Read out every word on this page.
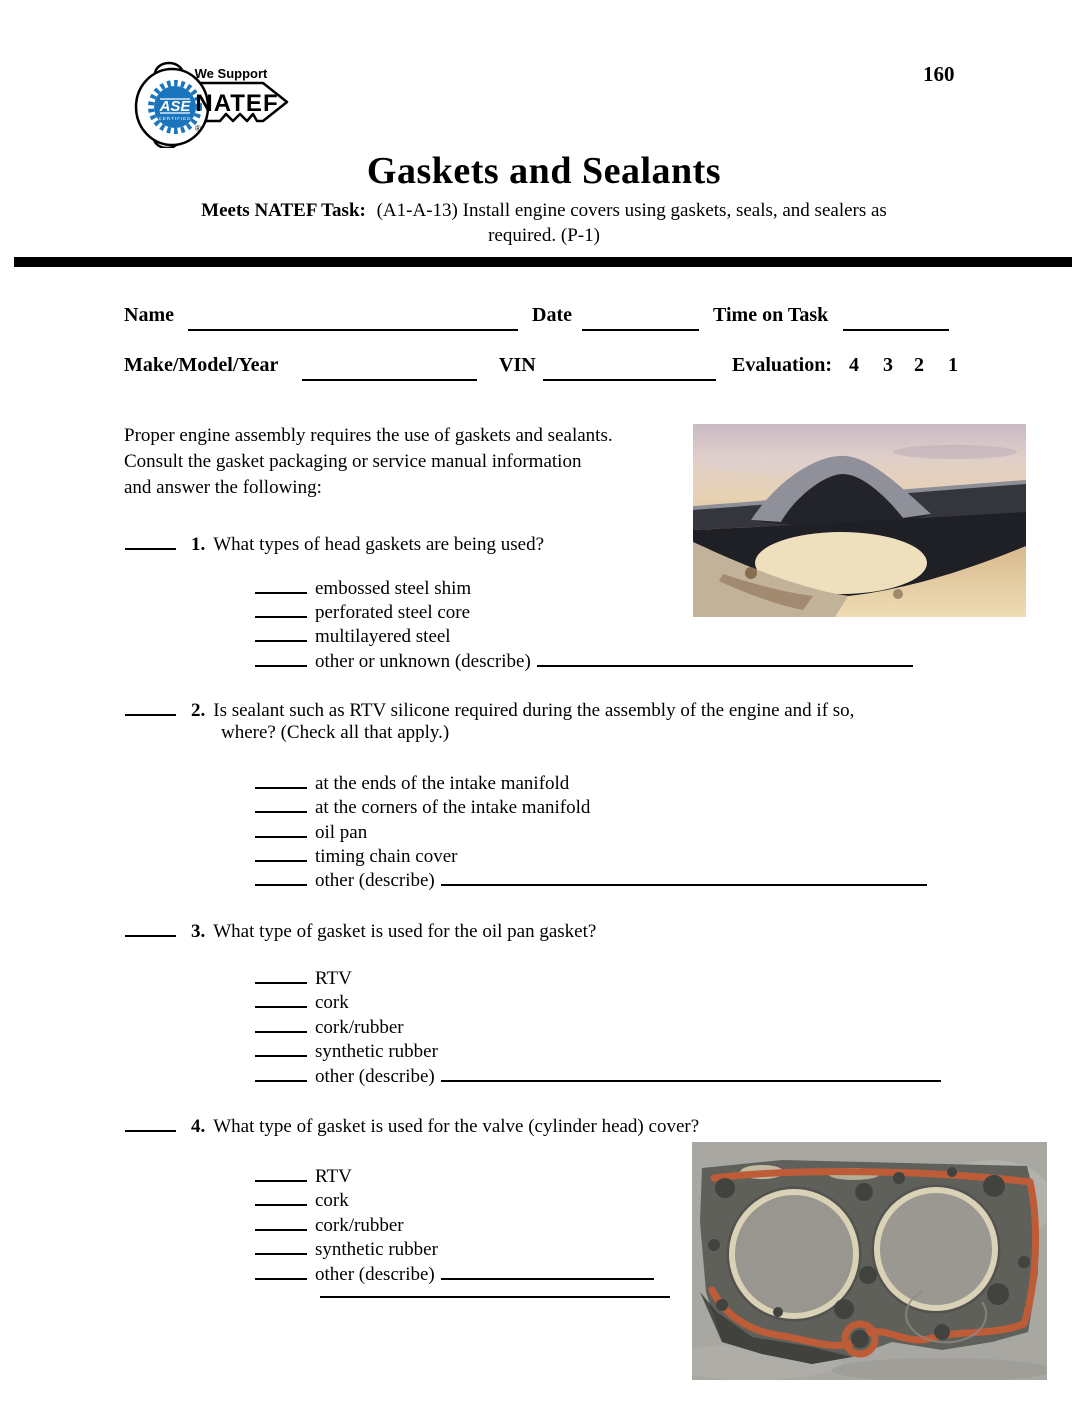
160
ASE
CERTIFIED
We Support
NATEF
®
Gaskets and Sealants
Meets NATEF Task: (A1-A-13) Install engine covers using gaskets, seals, and sealers as
required. (P-1)
Name	Date	Time on Task
Make/Model/Year	VIN	Evaluation: 4 3 2 1
Proper engine assembly requires the use of gaskets and sealants.
Consult the gasket packaging or service manual information
and answer the following:
1. What types of head gaskets are being used?
embossed steel shim
perforated steel core
multilayered steel
other or unknown (describe)
2. Is sealant such as RTV silicone required during the assembly of the engine and if so,
where? (Check all that apply.)
at the ends of the intake manifold
at the corners of the intake manifold
oil pan
timing chain cover
other (describe)
3. What type of gasket is used for the oil pan gasket?
RTV
cork
cork/rubber
synthetic rubber
other (describe)
4. What type of gasket is used for the valve (cylinder head) cover?
RTV
cork
cork/rubber
synthetic rubber
other (describe)
